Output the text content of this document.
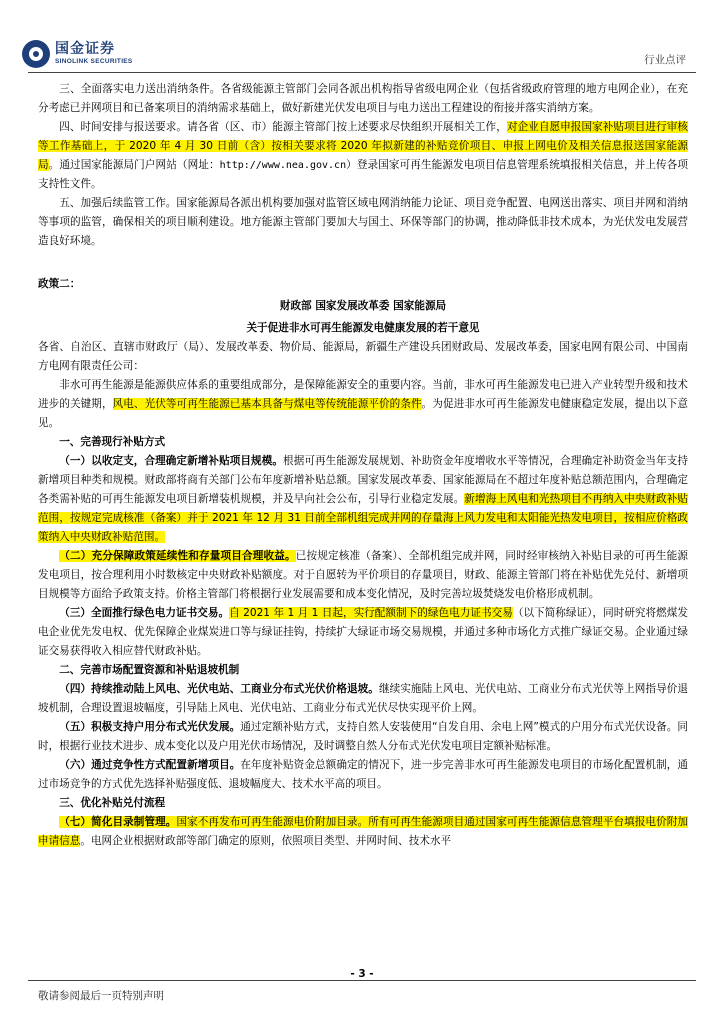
国金证券
SINOLINK SECURITIES	行业点评

三、全面落实电力送出消纳条件。各省级能源主管部门会同各派出机构指导省级电网企业（包括省级政府管理的地方电网企业），在充分考虑已并网项目和已备案项目的消纳需求基础上，做好新建光伏发电项目与电力送出工程建设的衔接并落实消纳方案。

四、时间安排与报送要求。请各省（区、市）能源主管部门按上述要求尽快组织开展相关工作，对企业自愿申报国家补贴项目进行审核等工作基础上，于 2020 年 4 月 30 日前（含）按相关要求将 2020 年拟新建的补贴竞价项目、申报上网电价及相关信息报送国家能源局。通过国家能源局门户网站（网址：http://www.nea.gov.cn）登录国家可再生能源发电项目信息管理系统填报相关信息，并上传各项支持性文件。

五、加强后续监管工作。国家能源局各派出机构要加强对监管区域电网消纳能力论证、项目竞争配置、电网送出落实、项目并网和消纳等事项的监管，确保相关的项目顺利建设。地方能源主管部门要加大与国土、环保等部门的协调，推动降低非技术成本，为光伏发电发展营造良好环境。

政策二：

财政部 国家发展改革委 国家能源局

关于促进非水可再生能源发电健康发展的若干意见

各省、自治区、直辖市财政厅（局）、发展改革委、物价局、能源局，新疆生产建设兵团财政局、发展改革委，国家电网有限公司、中国南方电网有限责任公司：

非水可再生能源是能源供应体系的重要组成部分，是保障能源安全的重要内容。当前，非水可再生能源发电已进入产业转型升级和技术进步的关键期，风电、光伏等可再生能源已基本具备与煤电等传统能源平价的条件。为促进非水可再生能源发电健康稳定发展，提出以下意见。

一、完善现行补贴方式

（一）以收定支，合理确定新增补贴项目规模。根据可再生能源发展规划、补助资金年度增收水平等情况，合理确定补助资金当年支持新增项目种类和规模。财政部将商有关部门公布年度新增补贴总额。国家发展改革委、国家能源局在不超过年度补贴总额范围内，合理确定各类需补贴的可再生能源发电项目新增装机规模，并及早向社会公布，引导行业稳定发展。新增海上风电和光热项目不再纳入中央财政补贴范围，按规定完成核准（备案）并于 2021 年 12 月 31 日前全部机组完成并网的存量海上风力发电和太阳能光热发电项目，按相应价格政策纳入中央财政补贴范围。

（二）充分保障政策延续性和存量项目合理收益。已按规定核准（备案）、全部机组完成并网，同时经审核纳入补贴目录的可再生能源发电项目，按合理利用小时数核定中央财政补贴额度。对于自愿转为平价项目的存量项目，财政、能源主管部门将在补贴优先兑付、新增项目规模等方面给予政策支持。价格主管部门将根据行业发展需要和成本变化情况，及时完善垃圾焚烧发电价格形成机制。

（三）全面推行绿色电力证书交易。自 2021 年 1 月 1 日起，实行配额制下的绿色电力证书交易（以下简称绿证），同时研究将燃煤发电企业优先发电权、优先保障企业煤炭进口等与绿证挂钩，持续扩大绿证市场交易规模，并通过多种市场化方式推广绿证交易。企业通过绿证交易获得收入相应替代财政补贴。

二、完善市场配置资源和补贴退坡机制

（四）持续推动陆上风电、光伏电站、工商业分布式光伏价格退坡。继续实施陆上风电、光伏电站、工商业分布式光伏等上网指导价退坡机制，合理设置退坡幅度，引导陆上风电、光伏电站、工商业分布式光伏尽快实现平价上网。

（五）积极支持户用分布式光伏发展。通过定额补贴方式，支持自然人安装使用“自发自用、余电上网”模式的户用分布式光伏设备。同时，根据行业技术进步、成本变化以及户用光伏市场情况，及时调整自然人分布式光伏发电项目定额补贴标准。

（六）通过竞争性方式配置新增项目。在年度补贴资金总额确定的情况下，进一步完善非水可再生能源发电项目的市场化配置机制，通过市场竞争的方式优先选择补贴强度低、退坡幅度大、技术水平高的项目。

三、优化补贴兑付流程

（七）简化目录制管理。国家不再发布可再生能源电价附加目录。所有可再生能源项目通过国家可再生能源信息管理平台填报电价附加申请信息。电网企业根据财政部等部门确定的原则，依照项目类型、并网时间、技术水平

- 3 -
敬请参阅最后一页特别声明
